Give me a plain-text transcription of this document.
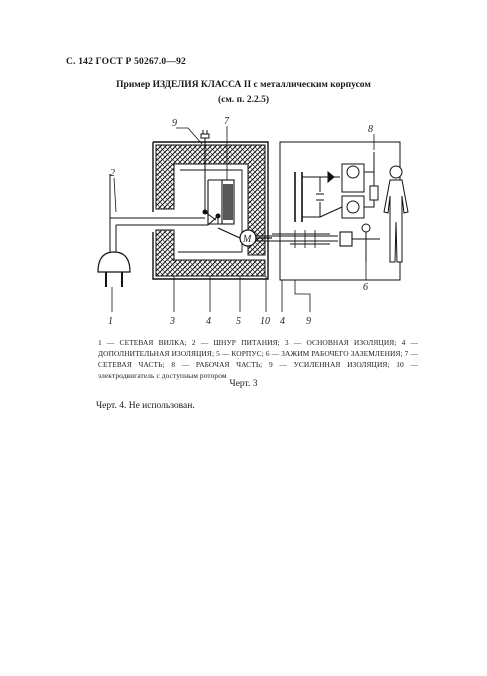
С. 142 ГОСТ Р 50267.0—92
Пример ИЗДЕЛИЯ КЛАССА II с металлическим корпусом
(см. п. 2.2.5)
M
9	7
8
2
6
1	3	4	5 10 4 9
1 — СЕТЕВАЯ ВИЛКА; 2 — ШНУР ПИТАНИЯ; 3 — ОСНОВНАЯ ИЗОЛЯЦИЯ; 4 — ДОПОЛНИТЕЛЬНАЯ ИЗОЛЯЦИЯ; 5 — КОРПУС; 6 — ЗАЖИМ РАБОЧЕГО ЗАЗЕМЛЕНИЯ; 7 — СЕТЕВАЯ ЧАСТЬ; 8 — РАБОЧАЯ ЧАСТЬ; 9 — УСИЛЕННАЯ ИЗОЛЯЦИЯ; 10 — электродвигатель с доступным ротором
Черт. 3
Черт. 4. Не использован.
